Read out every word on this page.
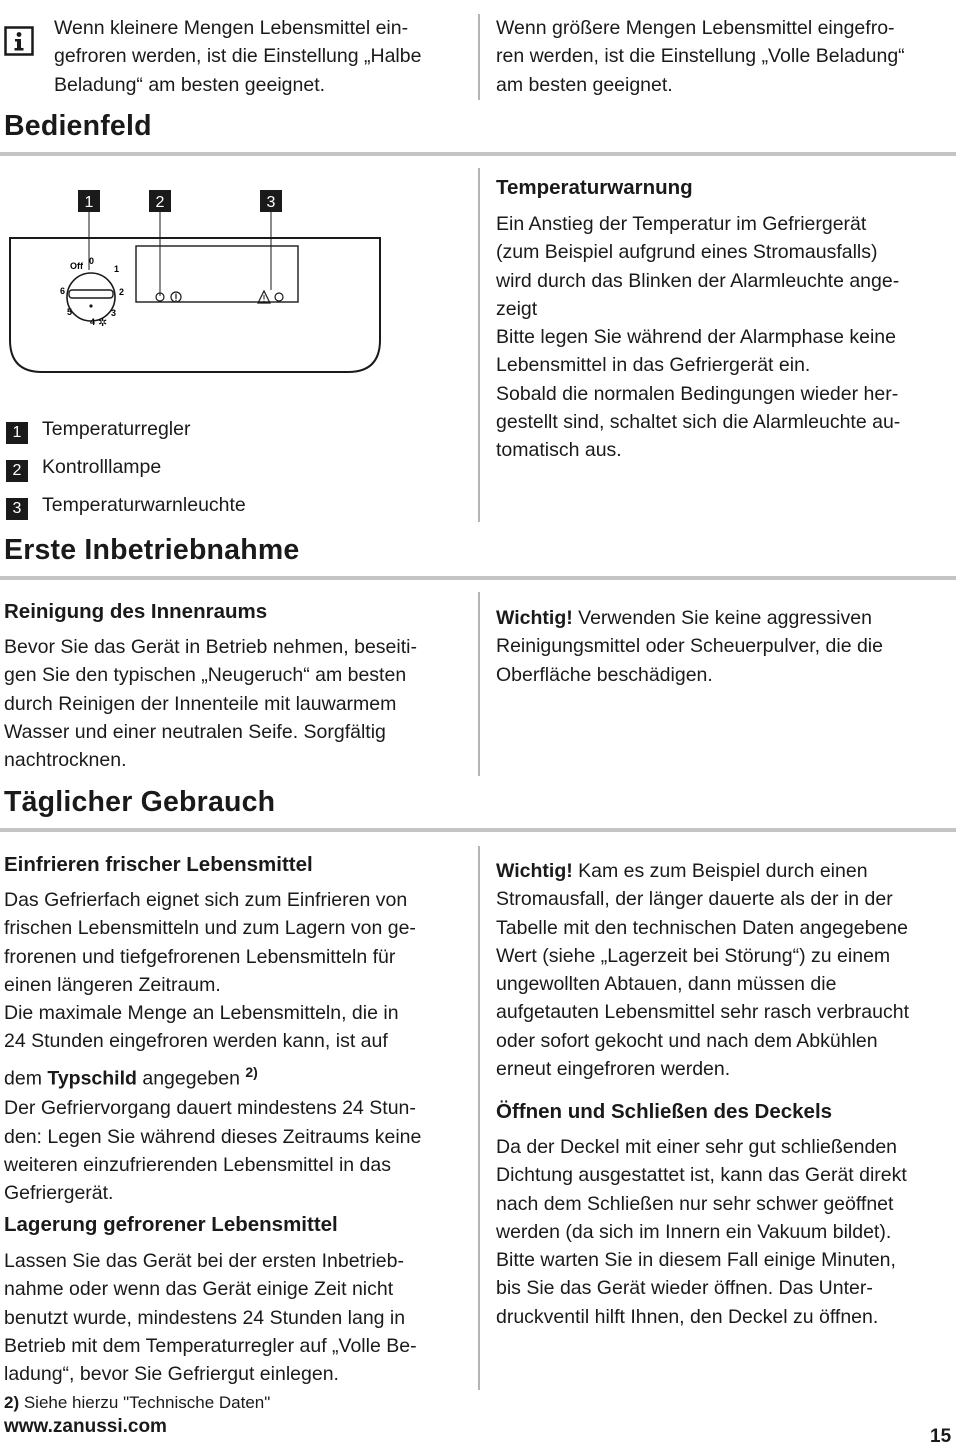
Wenn kleinere Mengen Lebensmittel ein-
gefroren werden, ist die Einstellung „Halbe
Beladung“ am besten geeignet.
Wenn größere Mengen Lebensmittel eingefro-
ren werden, ist die Einstellung „Volle Beladung“
am besten geeignet.
Bedienfeld
1	2	3
Off 0
1
2
3
4
5
6
✲
1 Temperaturregler
2 Kontrolllampe
3 Temperaturwarnleuchte
Temperaturwarnung
Ein Anstieg der Temperatur im Gefriergerät
(zum Beispiel aufgrund eines Stromausfalls)
wird durch das Blinken der Alarmleuchte ange-
zeigt
Bitte legen Sie während der Alarmphase keine
Lebensmittel in das Gefriergerät ein.
Sobald die normalen Bedingungen wieder her-
gestellt sind, schaltet sich die Alarmleuchte au-
tomatisch aus.
Erste Inbetriebnahme
Reinigung des Innenraums
Bevor Sie das Gerät in Betrieb nehmen, beseiti-
gen Sie den typischen „Neugeruch“ am besten
durch Reinigen der Innenteile mit lauwarmem
Wasser und einer neutralen Seife. Sorgfältig
nachtrocknen.
Wichtig! Verwenden Sie keine aggressiven
Reinigungsmittel oder Scheuerpulver, die die
Oberfläche beschädigen.
Täglicher Gebrauch
Einfrieren frischer Lebensmittel
Das Gefrierfach eignet sich zum Einfrieren von
frischen Lebensmitteln und zum Lagern von ge-
frorenen und tiefgefrorenen Lebensmitteln für
einen längeren Zeitraum.
Die maximale Menge an Lebensmitteln, die in
24 Stunden eingefroren werden kann, ist auf
dem Typschild angegeben $^{2)}$
Der Gefriervorgang dauert mindestens 24 Stun-
den: Legen Sie während dieses Zeitraums keine
weiteren einzufrierenden Lebensmittel in das
Gefriergerät.
Lagerung gefrorener Lebensmittel
Lassen Sie das Gerät bei der ersten Inbetrieb-
nahme oder wenn das Gerät einige Zeit nicht
benutzt wurde, mindestens 24 Stunden lang in
Betrieb mit dem Temperaturregler auf „Volle Be-
ladung“, bevor Sie Gefriergut einlegen.
Wichtig! Kam es zum Beispiel durch einen
Stromausfall, der länger dauerte als der in der
Tabelle mit den technischen Daten angegebene
Wert (siehe „Lagerzeit bei Störung“) zu einem
ungewollten Abtauen, dann müssen die
aufgetauten Lebensmittel sehr rasch verbraucht
oder sofort gekocht und nach dem Abkühlen
erneut eingefroren werden.
Öffnen und Schließen des Deckels
Da der Deckel mit einer sehr gut schließenden
Dichtung ausgestattet ist, kann das Gerät direkt
nach dem Schließen nur sehr schwer geöffnet
werden (da sich im Innern ein Vakuum bildet).
Bitte warten Sie in diesem Fall einige Minuten,
bis Sie das Gerät wieder öffnen. Das Unter-
druckventil hilft Ihnen, den Deckel zu öffnen.
2) Siehe hierzu "Technische Daten"
www.zanussi.com	15
